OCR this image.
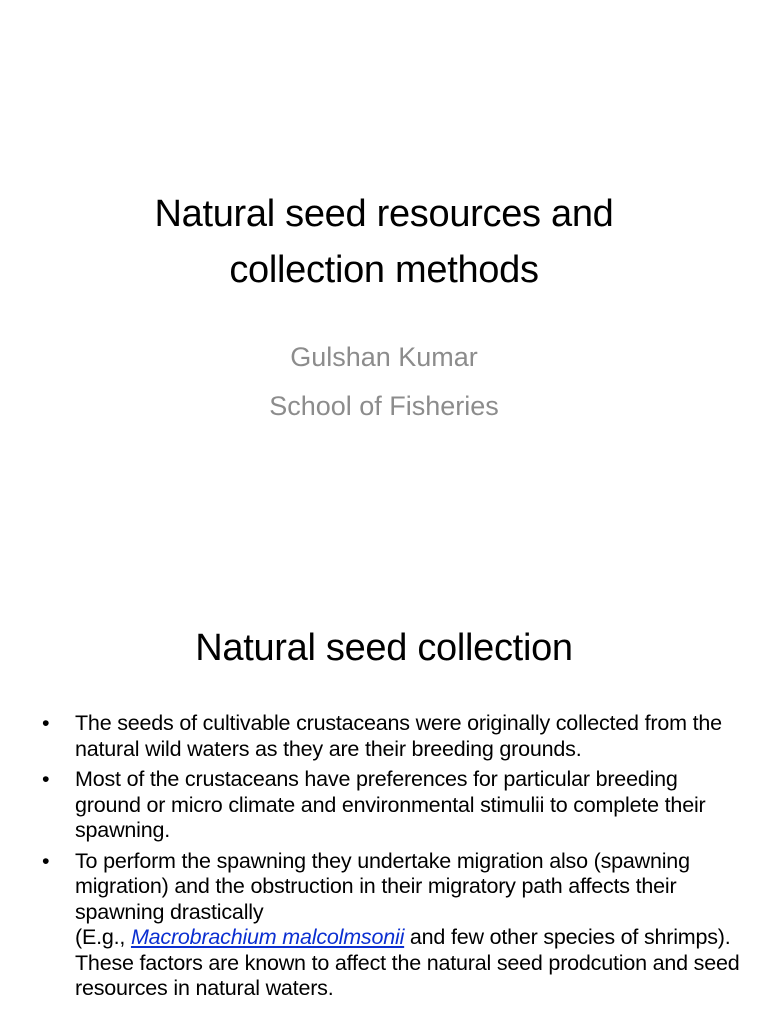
Natural seed resources and
collection methods
Gulshan Kumar
School of Fisheries
Natural seed collection
• The seeds of cultivable crustaceans were originally collected from the natural wild waters as they are their breeding grounds.
• Most of the crustaceans have preferences for particular breeding ground or micro climate and environmental stimulii to complete their spawning.
• To perform the spawning they undertake migration also (spawning migration) and the obstruction in their migratory path affects their spawning drastically
(E.g., Macrobrachium malcolmsonii and few other species of shrimps). These factors are known to affect the natural seed prodcution and seed resources in natural waters.
